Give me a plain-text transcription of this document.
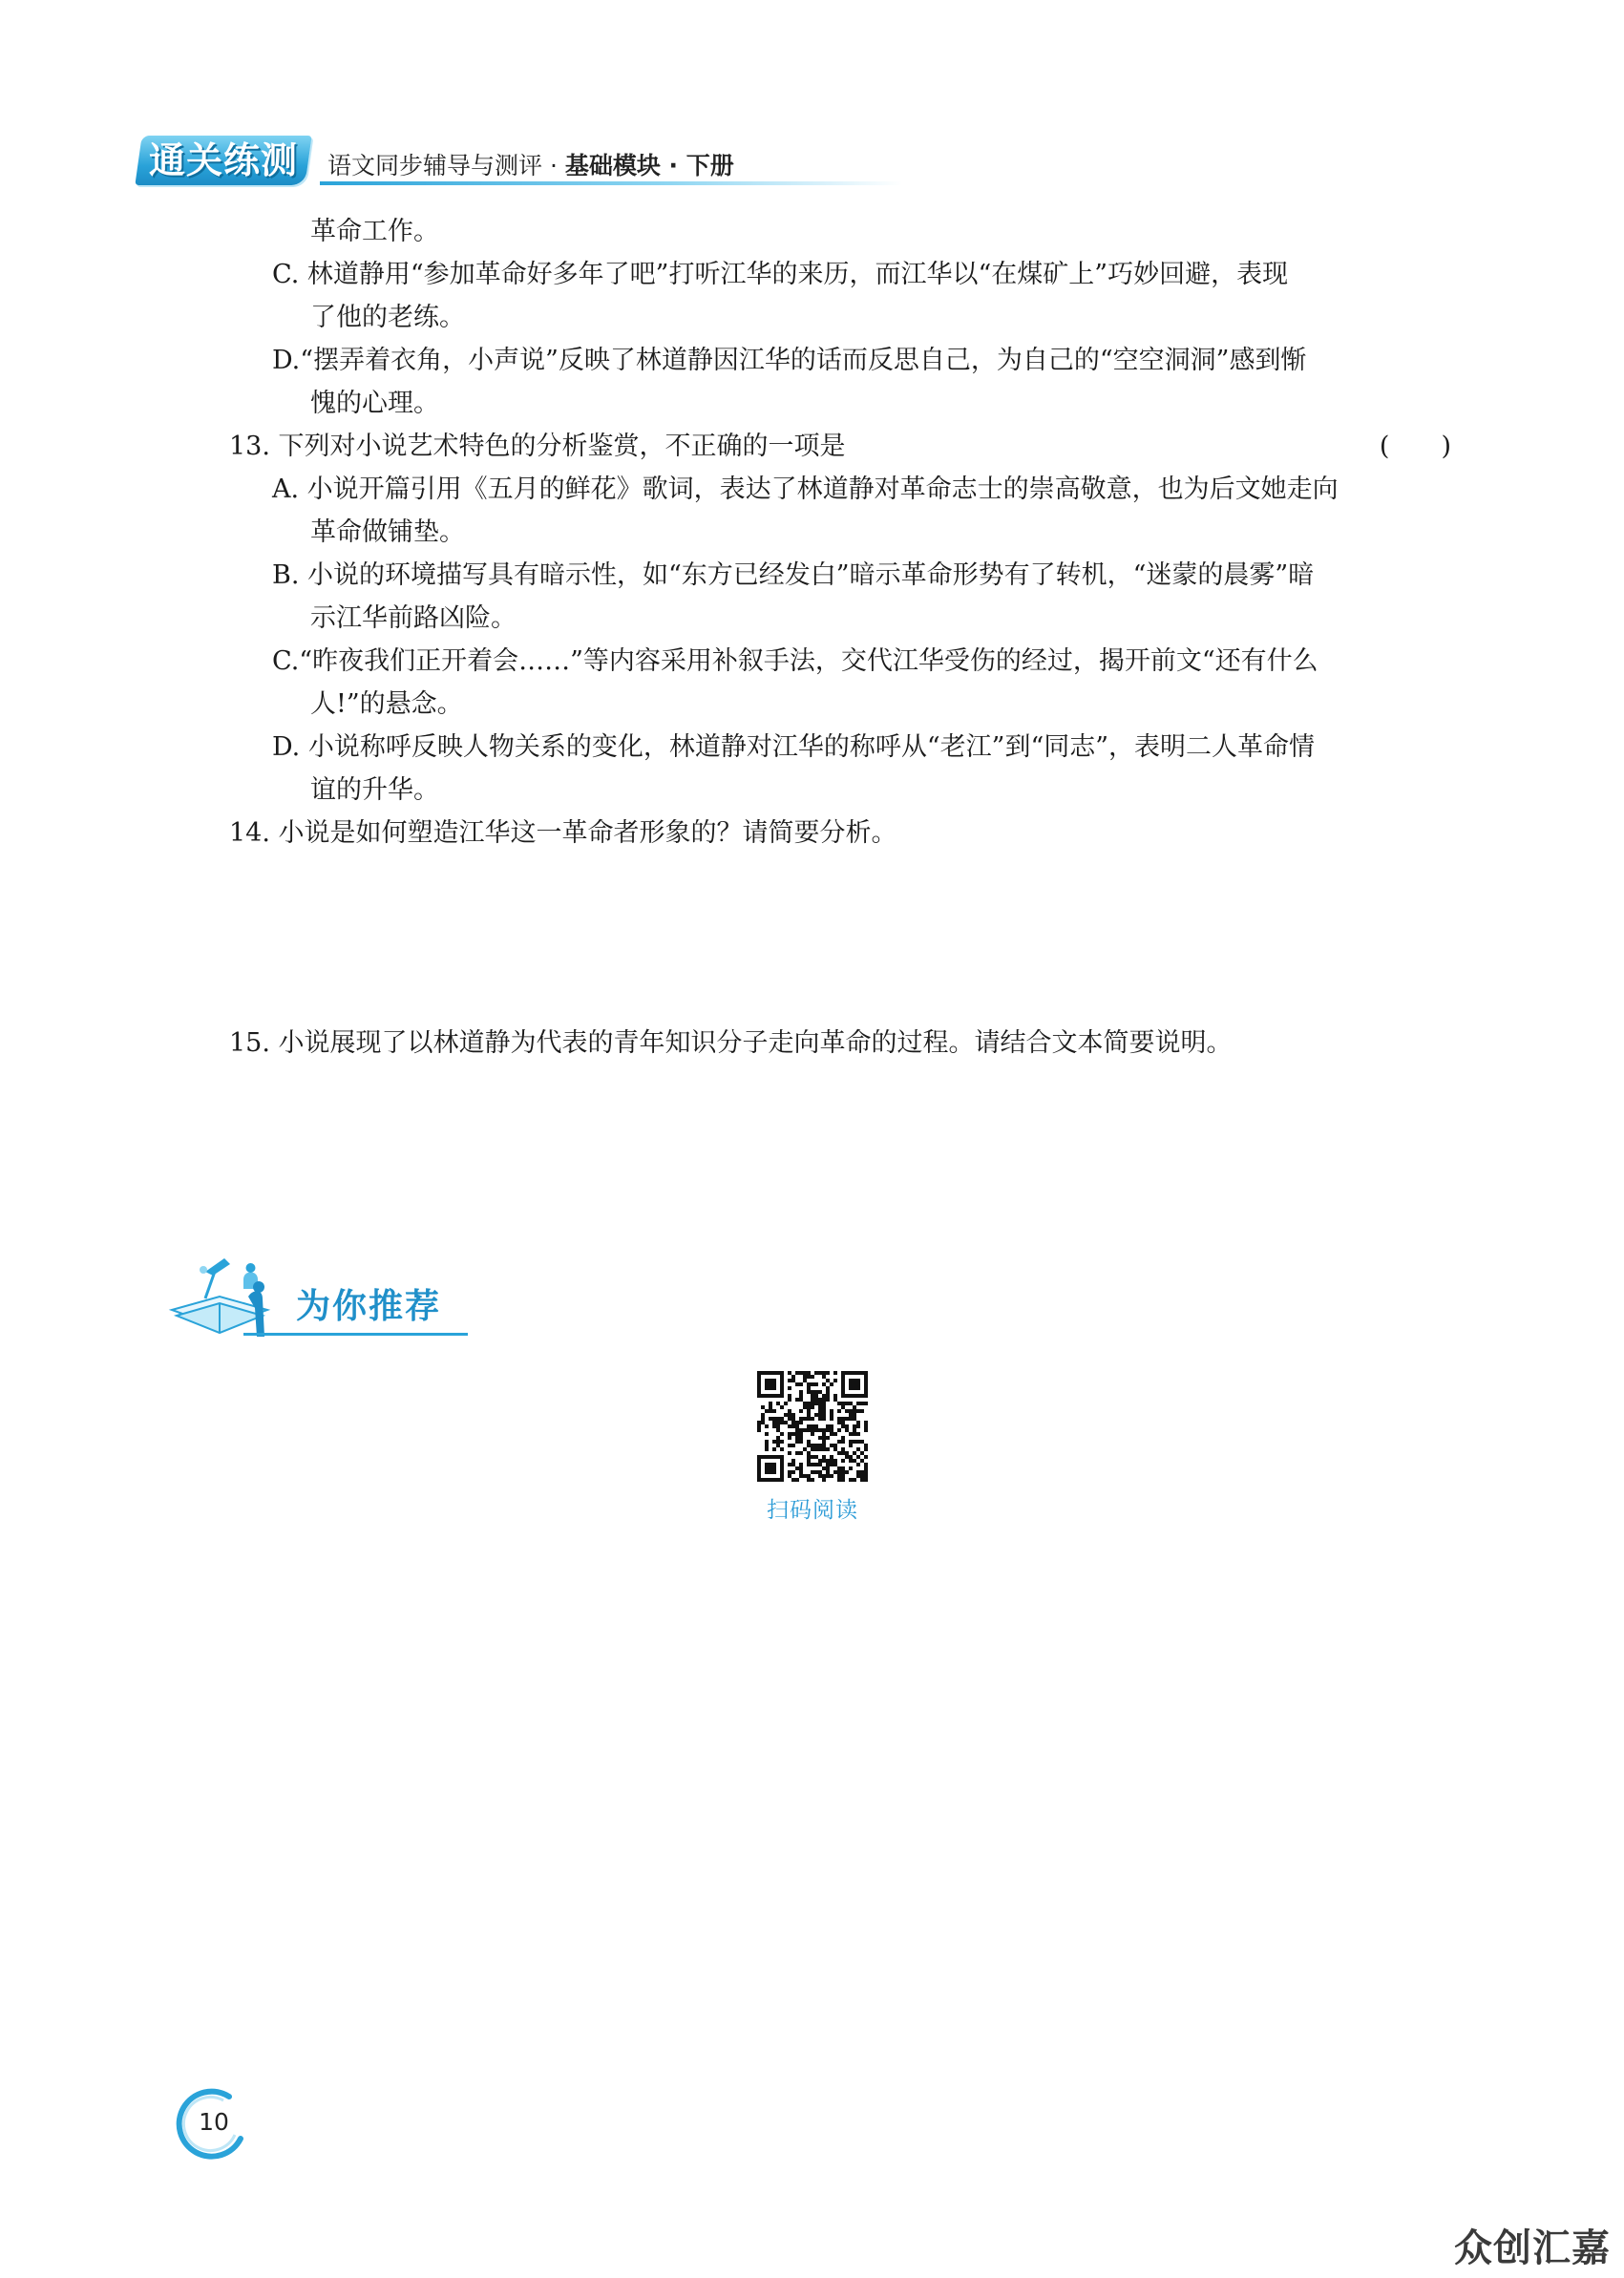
通关练测	语文同步辅导与测评 · 基础模块 · 下册
革命工作。
C. 林道静用“参加革命好多年了吧”打听江华的来历，而江华以“在煤矿上”巧妙回避，表现
了他的老练。
D.“摆弄着衣角，小声说”反映了林道静因江华的话而反思自己，为自己的“空空洞洞”感到惭
愧的心理。
13. 下列对小说艺术特色的分析鉴赏，不正确的一项是	(　　)
A. 小说开篇引用《五月的鲜花》歌词，表达了林道静对革命志士的崇高敬意，也为后文她走向
革命做铺垫。
B. 小说的环境描写具有暗示性，如“东方已经发白”暗示革命形势有了转机，“迷蒙的晨雾”暗
示江华前路凶险。
C.“昨夜我们正开着会……”等内容采用补叙手法，交代江华受伤的经过，揭开前文“还有什么
人!”的悬念。
D. 小说称呼反映人物关系的变化，林道静对江华的称呼从“老江”到“同志”，表明二人革命情
谊的升华。
14. 小说是如何塑造江华这一革命者形象的？请简要分析。
15. 小说展现了以林道静为代表的青年知识分子走向革命的过程。请结合文本简要说明。
为你推荐
扫码阅读
10
众创汇嘉
